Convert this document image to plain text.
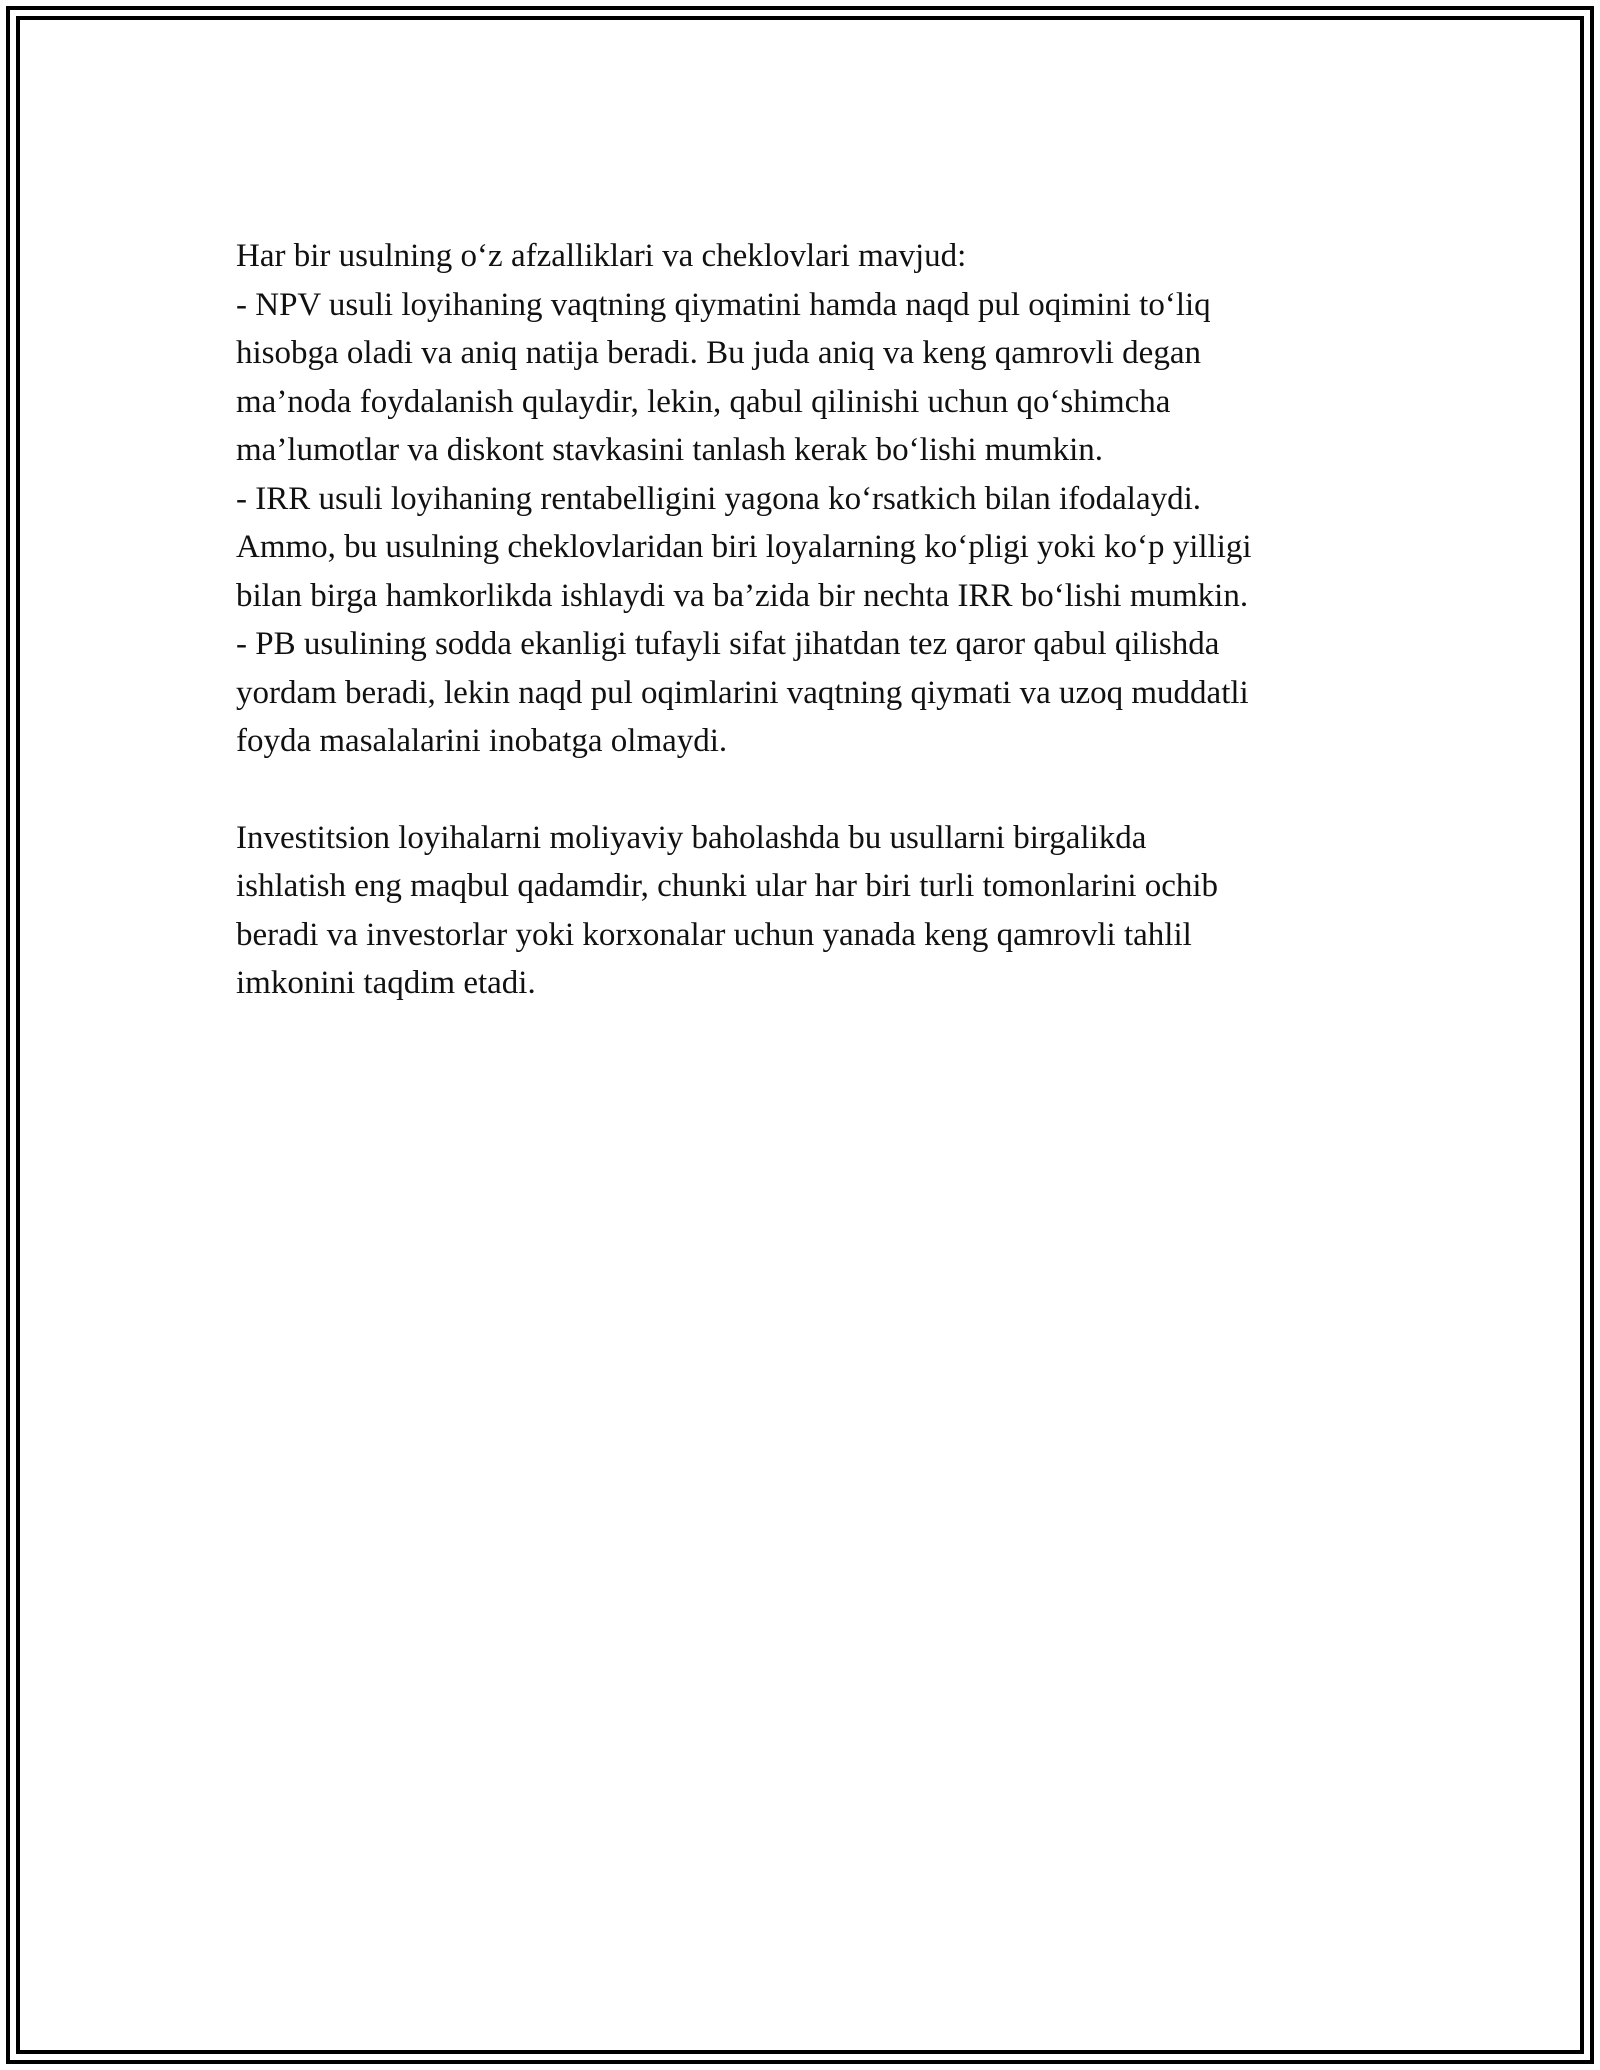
Har bir usulning o‘z afzalliklari va cheklovlari mavjud:
- NPV usuli loyihaning vaqtning qiymatini hamda naqd pul oqimini to‘liq
hisobga oladi va aniq natija beradi. Bu juda aniq va keng qamrovli degan
ma’noda foydalanish qulaydir, lekin, qabul qilinishi uchun qo‘shimcha
ma’lumotlar va diskont stavkasini tanlash kerak bo‘lishi mumkin.
- IRR usuli loyihaning rentabelligini yagona ko‘rsatkich bilan ifodalaydi.
Ammo, bu usulning cheklovlaridan biri loyalarning ko‘pligi yoki ko‘p yilligi
bilan birga hamkorlikda ishlaydi va ba’zida bir nechta IRR bo‘lishi mumkin.
- PB usulining sodda ekanligi tufayli sifat jihatdan tez qaror qabul qilishda
yordam beradi, lekin naqd pul oqimlarini vaqtning qiymati va uzoq muddatli
foyda masalalarini inobatga olmaydi.

Investitsion loyihalarni moliyaviy baholashda bu usullarni birgalikda
ishlatish eng maqbul qadamdir, chunki ular har biri turli tomonlarini ochib
beradi va investorlar yoki korxonalar uchun yanada keng qamrovli tahlil
imkonini taqdim etadi.
